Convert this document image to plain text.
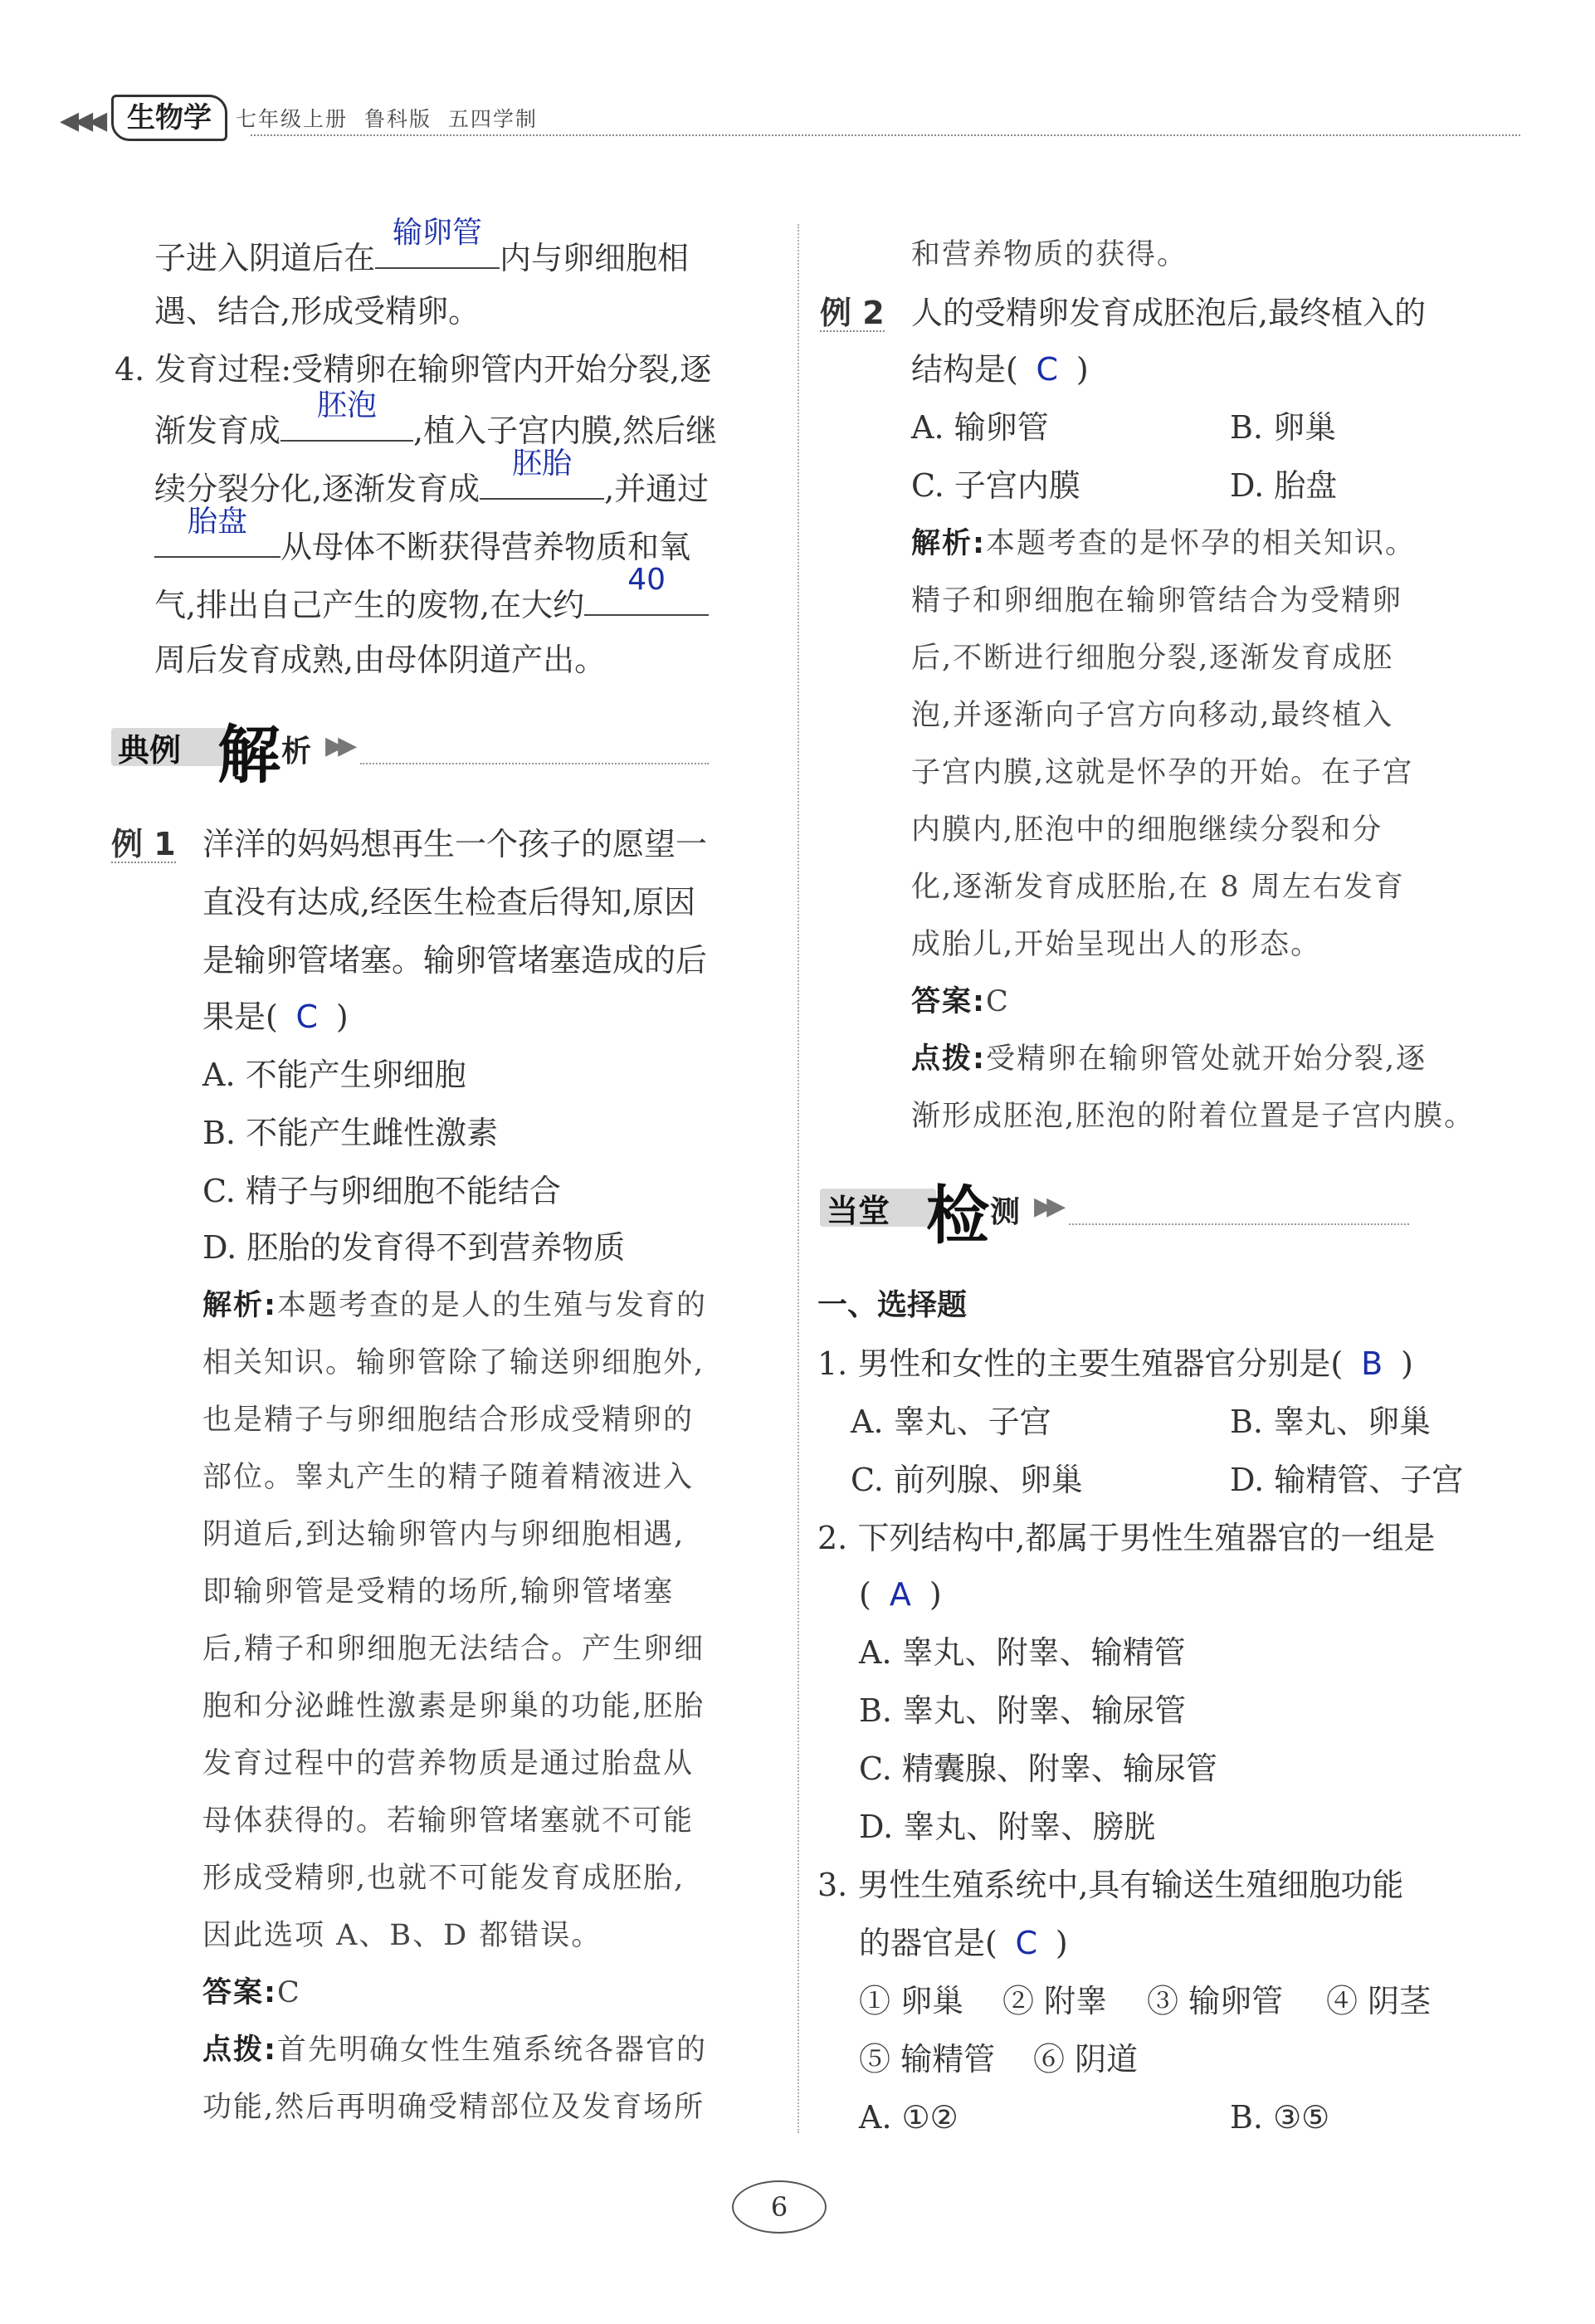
◀◀◀ 生物学	七年级上册 鲁科版 五四学制
子进入阴道后在
输卵管
内与卵细胞相
遇、结合,形成受精卵。
4. 发育过程:受精卵在输卵管内开始分裂,逐
渐发育成
胚泡
,植入子宫内膜,然后继
续分裂分化,逐渐发育成
胚胎
,并通过
胎盘
从母体不断获得营养物质和氧
气,排出自己产生的废物,在大约
40
周后发育成熟,由母体阴道产出。
典例 解 析 ▶▶
例 1 洋洋的妈妈想再生一个孩子的愿望一
直没有达成,经医生检查后得知,原因
是输卵管堵塞。输卵管堵塞造成的后
果是( C )
A. 不能产生卵细胞
B. 不能产生雌性激素
C. 精子与卵细胞不能结合
D. 胚胎的发育得不到营养物质
解析:本题考查的是人的生殖与发育的
相关知识。输卵管除了输送卵细胞外,
也是精子与卵细胞结合形成受精卵的
部位。睾丸产生的精子随着精液进入
阴道后,到达输卵管内与卵细胞相遇,
即输卵管是受精的场所,输卵管堵塞
后,精子和卵细胞无法结合。产生卵细
胞和分泌雌性激素是卵巢的功能,胚胎
发育过程中的营养物质是通过胎盘从
母体获得的。若输卵管堵塞就不可能
形成受精卵,也就不可能发育成胚胎,
因此选项 A、B、D 都错误。
答案:C
点拨:首先明确女性生殖系统各器官的
功能,然后再明确受精部位及发育场所
和营养物质的获得。
例 2 人的受精卵发育成胚泡后,最终植入的
结构是( C )
A. 输卵管	B. 卵巢
C. 子宫内膜	D. 胎盘
解析:本题考查的是怀孕的相关知识。
精子和卵细胞在输卵管结合为受精卵
后,不断进行细胞分裂,逐渐发育成胚
泡,并逐渐向子宫方向移动,最终植入
子宫内膜,这就是怀孕的开始。在子宫
内膜内,胚泡中的细胞继续分裂和分
化,逐渐发育成胚胎,在 8 周左右发育
成胎儿,开始呈现出人的形态。
答案:C
点拨:受精卵在输卵管处就开始分裂,逐
渐形成胚泡,胚泡的附着位置是子宫内膜。
当堂 检 测 ▶▶
一、选择题
1. 男性和女性的主要生殖器官分别是( B )
A. 睾丸、子宫	B. 睾丸、卵巢
C. 前列腺、卵巢	D. 输精管、子宫
2. 下列结构中,都属于男性生殖器官的一组是
( A )
A. 睾丸、附睾、输精管
B. 睾丸、附睾、输尿管
C. 精囊腺、附睾、输尿管
D. 睾丸、附睾、膀胱
3. 男性生殖系统中,具有输送生殖细胞功能
的器官是( C )
① 卵巢 ② 附睾 ③ 输卵管 ④ 阴茎
⑤ 输精管 ⑥ 阴道
A. ①②	B. ③⑤
6
